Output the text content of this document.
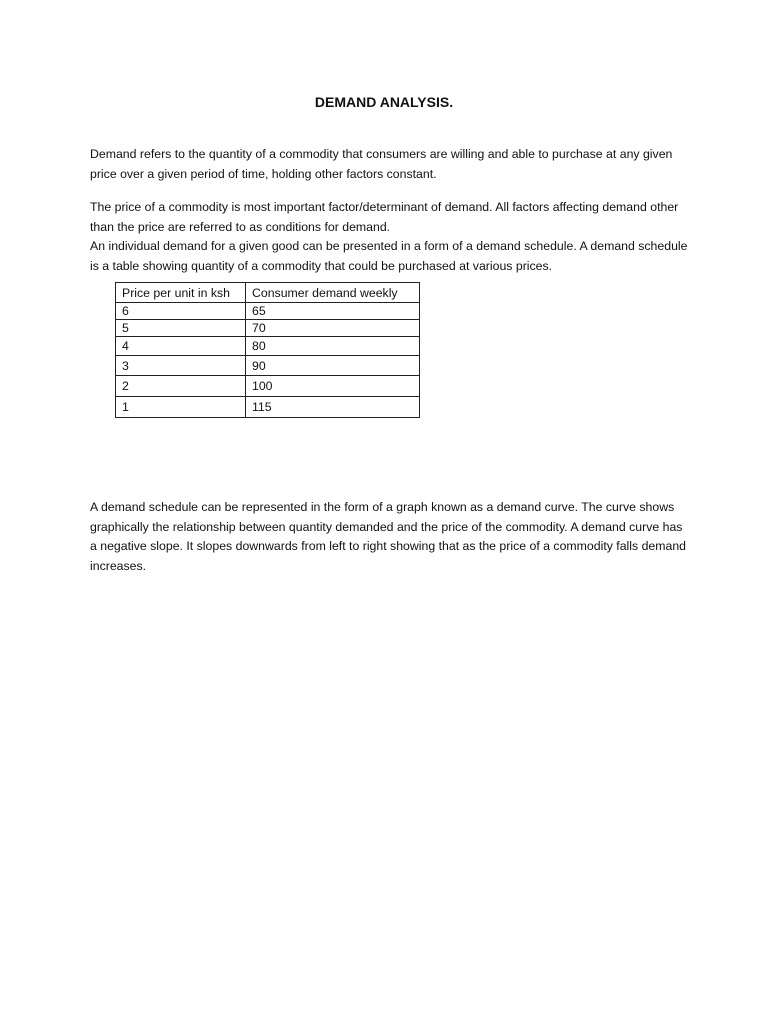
DEMAND ANALYSIS.

Demand refers to the quantity of a commodity that consumers are willing and able to purchase at any given price over a given period of time, holding other factors constant.

The price of a commodity is most important factor/determinant of demand. All factors affecting demand other than the price are referred to as conditions for demand.

An individual demand for a given good can be presented in a form of a demand schedule. A demand schedule is a table showing quantity of a commodity that could be purchased at various prices.

Price per unit in ksh	Consumer demand weekly
6	65
5	70
4	80
3	90
2	100
1	115

A demand schedule can be represented in the form of a graph known as a demand curve. The curve shows graphically the relationship between quantity demanded and the price of the commodity. A demand curve has a negative slope. It slopes downwards from left to right showing that as the price of a commodity falls demand increases.
